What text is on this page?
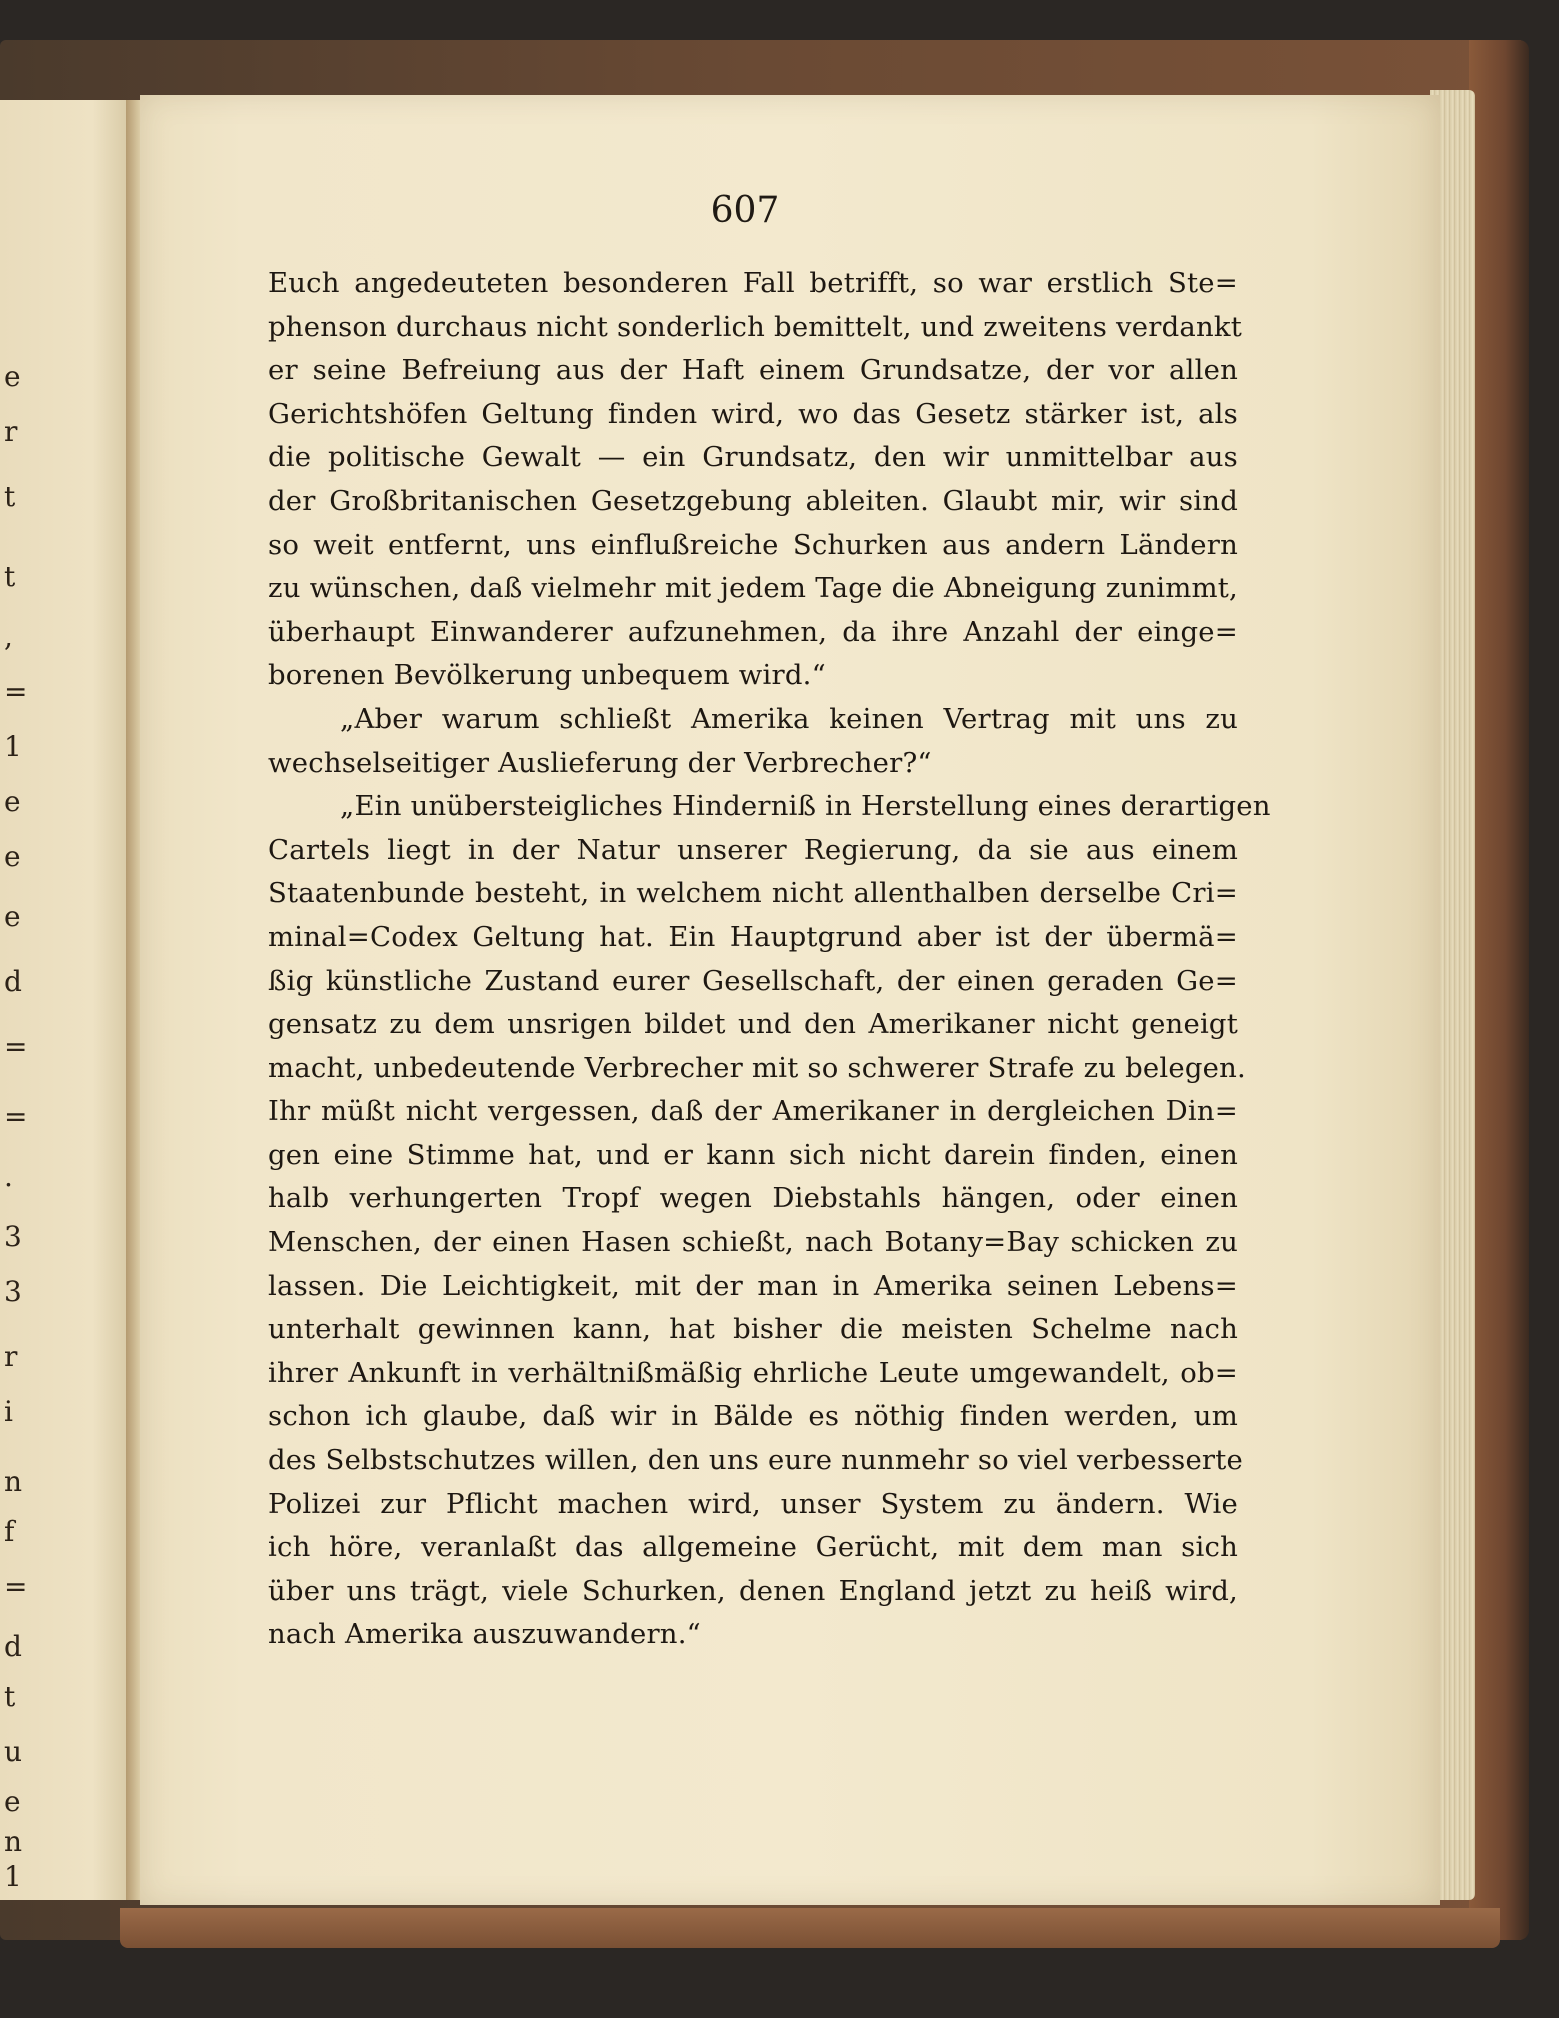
e
r
t
t
,
=
1
e
e
e
d
=
=
.
3
3
r
i
n
f
=
d
t
u
e
n
1
607
Euch angedeuteten besonderen Fall betrifft, so war erstlich Ste=
phenson durchaus nicht sonderlich bemittelt, und zweitens verdankt
er seine Befreiung aus der Haft einem Grundsatze, der vor allen
Gerichtshöfen Geltung finden wird, wo das Gesetz stärker ist, als
die politische Gewalt — ein Grundsatz, den wir unmittelbar aus
der Großbritanischen Gesetzgebung ableiten. Glaubt mir, wir sind
so weit entfernt, uns einflußreiche Schurken aus andern Ländern
zu wünschen, daß vielmehr mit jedem Tage die Abneigung zunimmt,
überhaupt Einwanderer aufzunehmen, da ihre Anzahl der einge=
borenen Bevölkerung unbequem wird.“
„Aber warum schließt Amerika keinen Vertrag mit uns zu
wechselseitiger Auslieferung der Verbrecher?“
„Ein unübersteigliches Hinderniß in Herstellung eines derartigen
Cartels liegt in der Natur unserer Regierung, da sie aus einem
Staatenbunde besteht, in welchem nicht allenthalben derselbe Cri=
minal=Codex Geltung hat. Ein Hauptgrund aber ist der übermä=
ßig künstliche Zustand eurer Gesellschaft, der einen geraden Ge=
gensatz zu dem unsrigen bildet und den Amerikaner nicht geneigt
macht, unbedeutende Verbrecher mit so schwerer Strafe zu belegen.
Ihr müßt nicht vergessen, daß der Amerikaner in dergleichen Din=
gen eine Stimme hat, und er kann sich nicht darein finden, einen
halb verhungerten Tropf wegen Diebstahls hängen, oder einen
Menschen, der einen Hasen schießt, nach Botany=Bay schicken zu
lassen. Die Leichtigkeit, mit der man in Amerika seinen Lebens=
unterhalt gewinnen kann, hat bisher die meisten Schelme nach
ihrer Ankunft in verhältnißmäßig ehrliche Leute umgewandelt, ob=
schon ich glaube, daß wir in Bälde es nöthig finden werden, um
des Selbstschutzes willen, den uns eure nunmehr so viel verbesserte
Polizei zur Pflicht machen wird, unser System zu ändern. Wie
ich höre, veranlaßt das allgemeine Gerücht, mit dem man sich
über uns trägt, viele Schurken, denen England jetzt zu heiß wird,
nach Amerika auszuwandern.“
